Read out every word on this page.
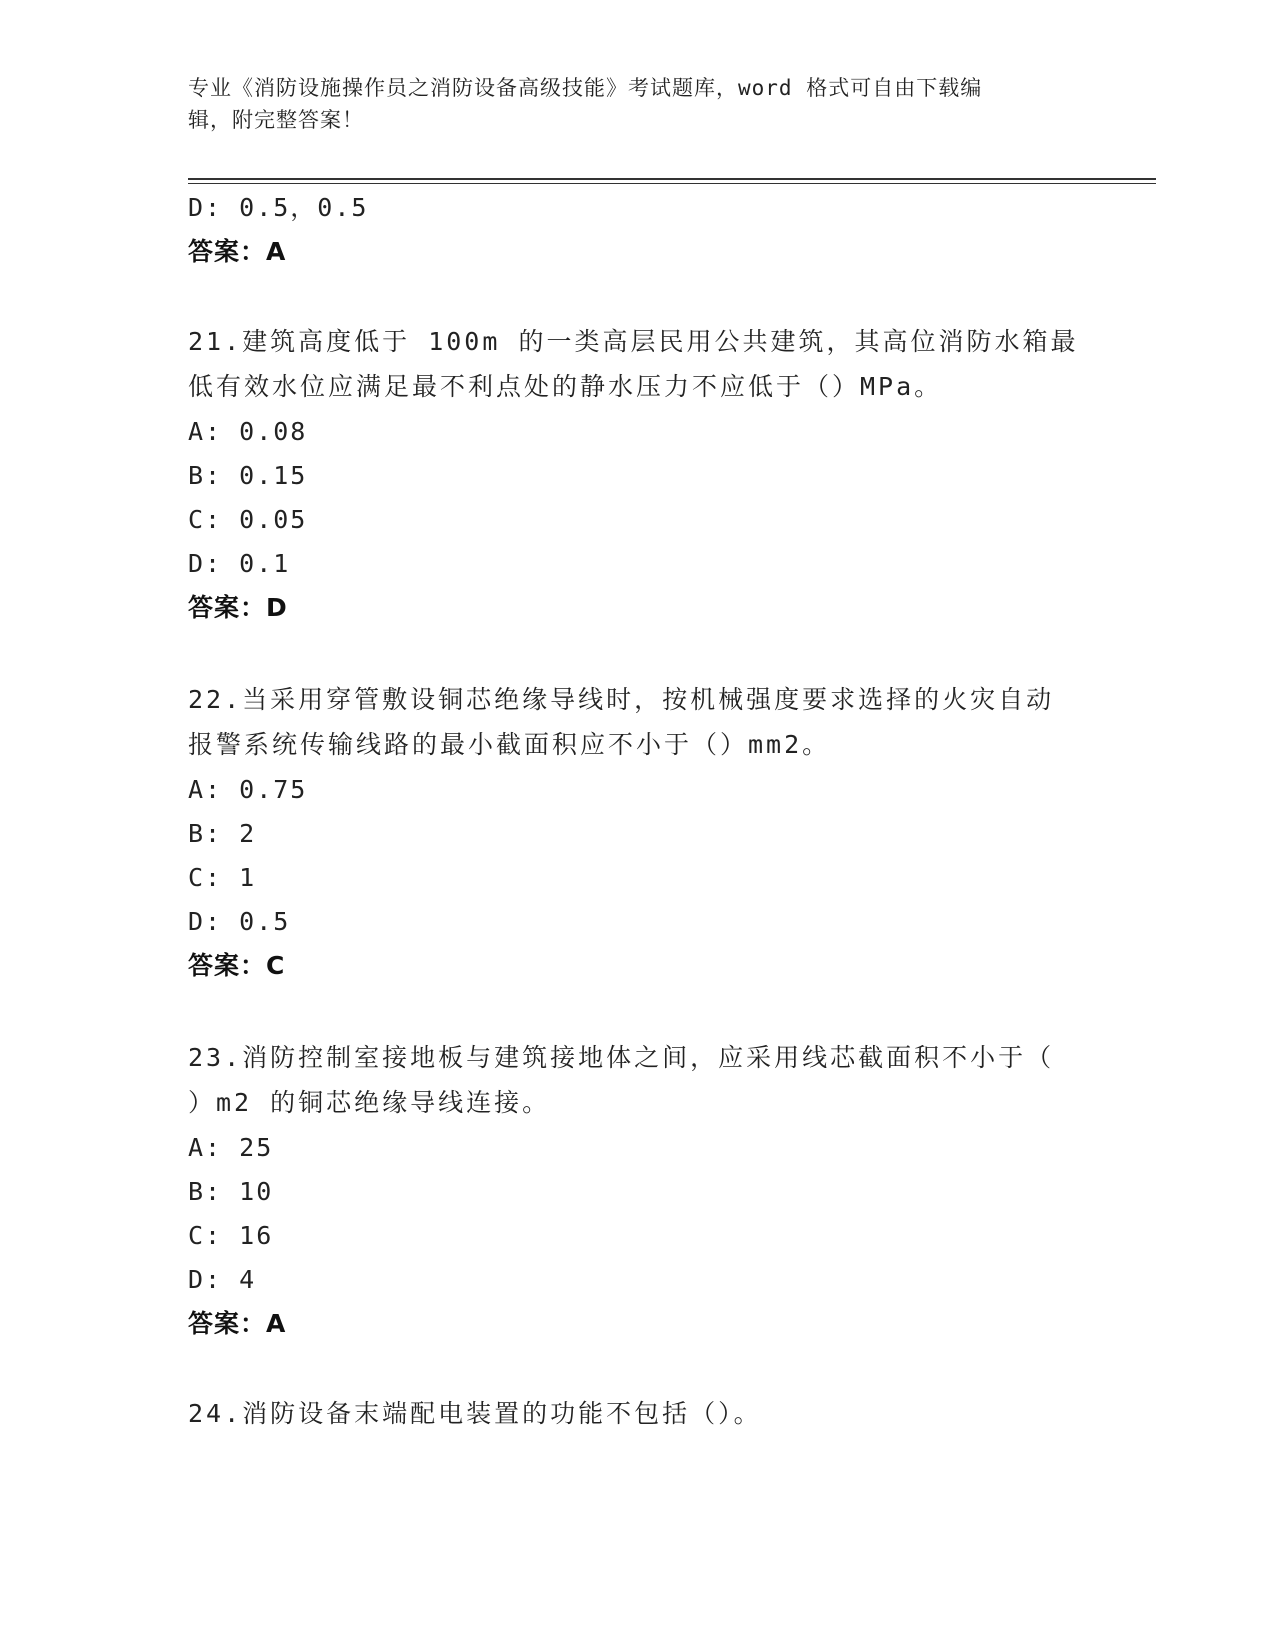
专业《消防设施操作员之消防设备高级技能》考试题库，word 格式可自由下载编
辑，附完整答案！
D: 0.5，0.5
答案：A
21.建筑高度低于 100m 的一类高层民用公共建筑，其高位消防水箱最
低有效水位应满足最不利点处的静水压力不应低于（）MPa。
A: 0.08
B: 0.15
C: 0.05
D: 0.1
答案：D
22.当采用穿管敷设铜芯绝缘导线时，按机械强度要求选择的火灾自动
报警系统传输线路的最小截面积应不小于（）mm2。
A: 0.75
B: 2
C: 1
D: 0.5
答案：C
23.消防控制室接地板与建筑接地体之间，应采用线芯截面积不小于（
）m2 的铜芯绝缘导线连接。
A: 25
B: 10
C: 16
D: 4
答案：A
24.消防设备末端配电装置的功能不包括（）。
